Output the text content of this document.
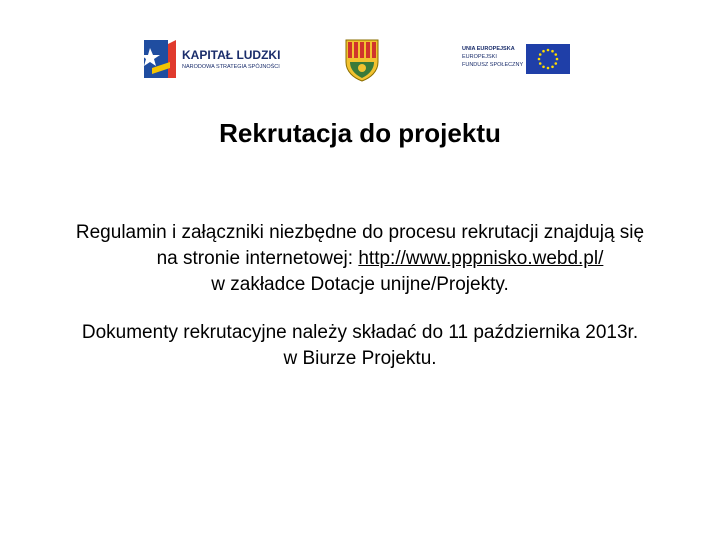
KAPITAŁ LUDZKI
NARODOWA STRATEGIA SPÓJNOŚCI
UNIA EUROPEJSKA
EUROPEJSKI
FUNDUSZ SPOŁECZNY
Rekrutacja do projektu
Regulamin i załączniki niezbędne do procesu rekrutacji znajdują się
na stronie internetowej: http://www.pppnisko.webd.pl/
w zakładce Dotacje unijne/Projekty.
Dokumenty rekrutacyjne należy składać do 11 października 2013r.
w Biurze Projektu.
